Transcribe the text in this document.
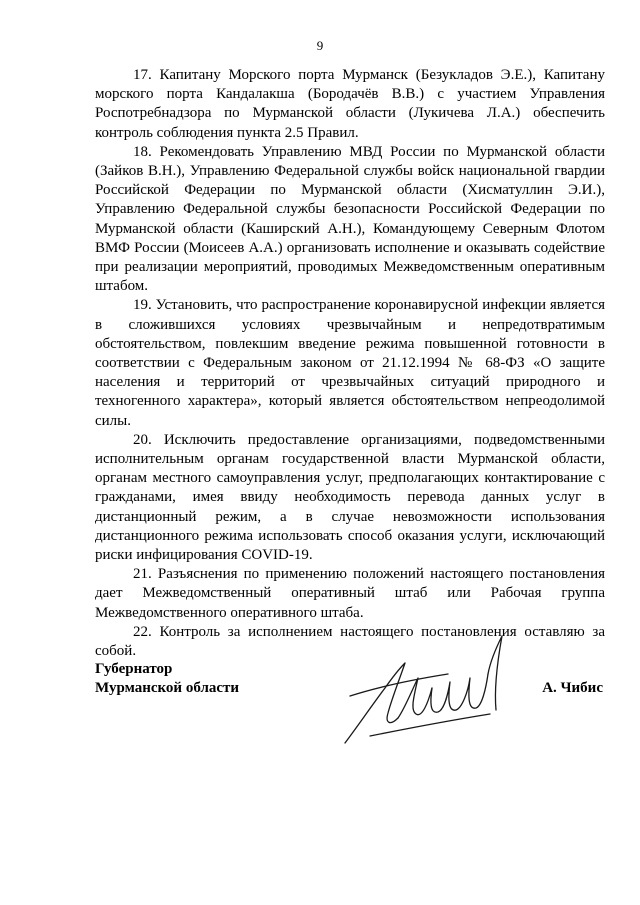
9

17. Капитану Морского порта Мурманск (Безукладов Э.Е.), Капитану морского порта Кандалакша (Бородачёв В.В.) с участием Управления Роспотребнадзора по Мурманской области (Лукичева Л.А.) обеспечить контроль соблюдения пункта 2.5 Правил.

18. Рекомендовать Управлению МВД России по Мурманской области (Зайков В.Н.), Управлению Федеральной службы войск национальной гвардии Российской Федерации по Мурманской области (Хисматуллин Э.И.), Управлению Федеральной службы безопасности Российской Федерации по Мурманской области (Каширский А.Н.), Командующему Северным Флотом ВМФ России (Моисеев А.А.) организовать исполнение и оказывать содействие при реализации мероприятий, проводимых Межведомственным оперативным штабом.

19. Установить, что распространение коронавирусной инфекции является в сложившихся условиях чрезвычайным и непредотвратимым обстоятельством, повлекшим введение режима повышенной готовности в соответствии с Федеральным законом от 21.12.1994 № 68-ФЗ «О защите населения и территорий от чрезвычайных ситуаций природного и техногенного характера», который является обстоятельством непреодолимой силы.

20. Исключить предоставление организациями, подведомственными исполнительным органам государственной власти Мурманской области, органам местного самоуправления услуг, предполагающих контактирование с гражданами, имея ввиду необходимость перевода данных услуг в дистанционный режим, а в случае невозможности использования дистанционного режима использовать способ оказания услуги, исключающий риски инфицирования COVID-19.

21. Разъяснения по применению положений настоящего постановления дает Межведомственный оперативный штаб или Рабочая группа Межведомственного оперативного штаба.

22. Контроль за исполнением настоящего постановления оставляю за собой.

Губернатор
Мурманской области	А. Чибис
